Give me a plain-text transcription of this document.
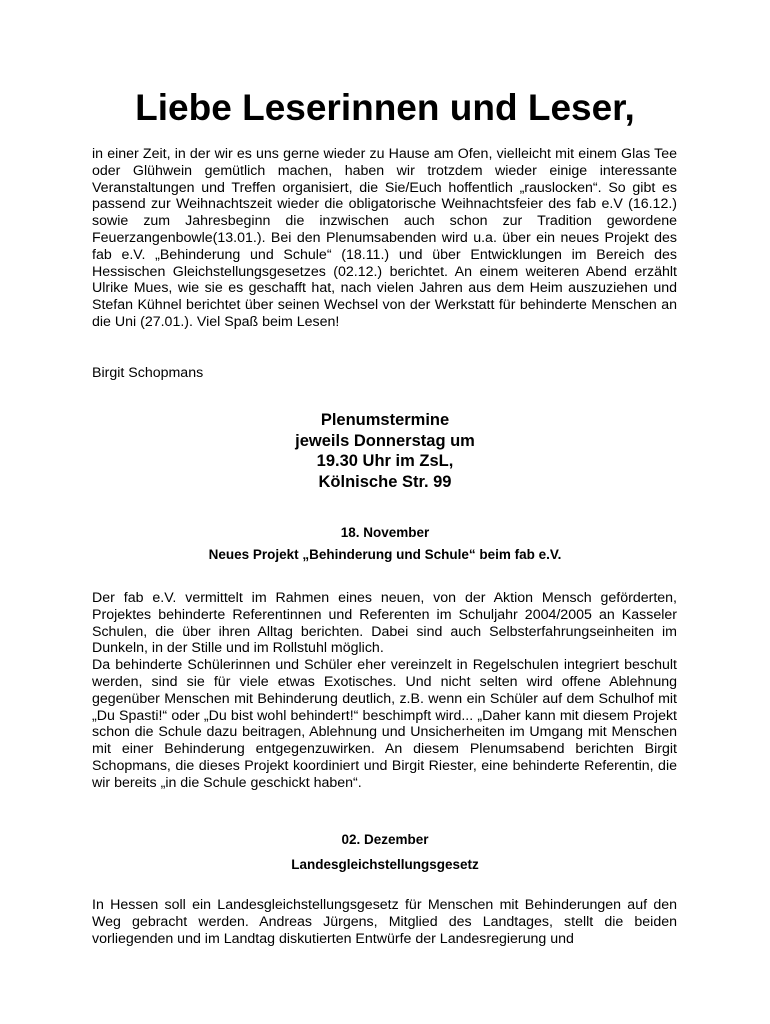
Liebe Leserinnen und Leser,

in einer Zeit, in der wir es uns gerne wieder zu Hause am Ofen, vielleicht mit einem Glas Tee oder Glühwein gemütlich machen, haben wir trotzdem wieder einige interessante Veranstaltungen und Treffen organisiert, die Sie/Euch hoffentlich „rauslocken“. So gibt es passend zur Weihnachtszeit wieder die obligatorische Weihnachtsfeier des fab e.V (16.12.) sowie zum Jahresbeginn die inzwischen auch schon zur Tradition gewordene Feuerzangenbowle(13.01.). Bei den Plenumsabenden wird u.a. über ein neues Projekt des fab e.V. „Behinderung und Schule“ (18.11.) und über Entwicklungen im Bereich des Hessischen Gleichstellungsgesetzes (02.12.) berichtet. An einem weiteren Abend erzählt Ulrike Mues, wie sie es geschafft hat, nach vielen Jahren aus dem Heim auszuziehen und Stefan Kühnel berichtet über seinen Wechsel von der Werkstatt für behinderte Menschen an die Uni (27.01.). Viel Spaß beim Lesen!

Birgit Schopmans

Plenumstermine
jeweils Donnerstag um
19.30 Uhr im ZsL,
Kölnische Str. 99

18. November

Neues Projekt „Behinderung und Schule“ beim fab e.V.

Der fab e.V. vermittelt im Rahmen eines neuen, von der Aktion Mensch geförderten, Projektes behinderte Referentinnen und Referenten im Schuljahr 2004/2005 an Kasseler Schulen, die über ihren Alltag berichten. Dabei sind auch Selbsterfahrungseinheiten im Dunkeln, in der Stille und im Rollstuhl möglich.

Da behinderte Schülerinnen und Schüler eher vereinzelt in Regelschulen integriert beschult werden, sind sie für viele etwas Exotisches. Und nicht selten wird offene Ablehnung gegenüber Menschen mit Behinderung deutlich, z.B. wenn ein Schüler auf dem Schulhof mit „Du Spasti!“ oder „Du bist wohl behindert!“ beschimpft wird... „Daher kann mit diesem Projekt schon die Schule dazu beitragen, Ablehnung und Unsicherheiten im Umgang mit Menschen mit einer Behinderung entgegenzuwirken. An diesem Plenumsabend berichten Birgit Schopmans, die dieses Projekt koordiniert und Birgit Riester, eine behinderte Referentin, die wir bereits „in die Schule geschickt haben“.

02. Dezember

Landesgleichstellungsgesetz

In Hessen soll ein Landesgleichstellungsgesetz für Menschen mit Behinderungen auf den Weg gebracht werden. Andreas Jürgens, Mitglied des Landtages, stellt die beiden vorliegenden und im Landtag diskutierten Entwürfe der Landesregierung und
